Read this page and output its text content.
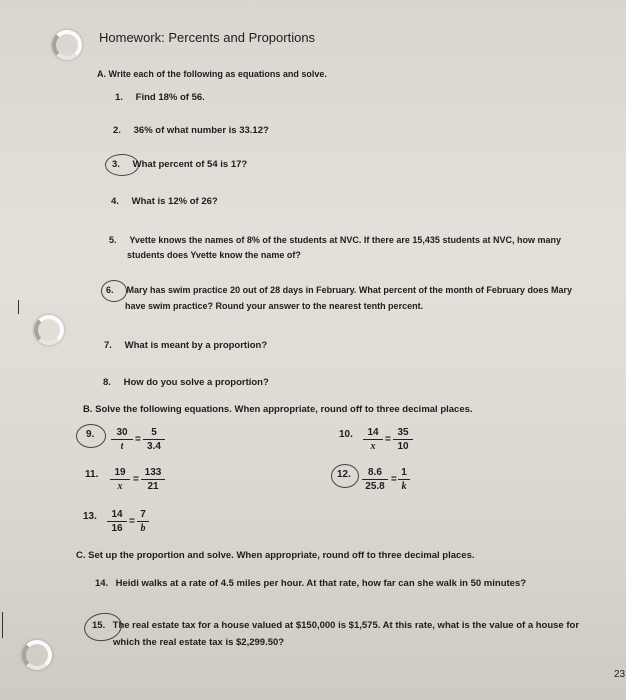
Homework: Percents and Proportions
A. Write each of the following as equations and solve.
1. Find 18% of 56.
2. 36% of what number is 33.12?
3. What percent of 54 is 17?
4. What is 12% of 26?
5. Yvette knows the names of 8% of the students at NVC. If there are 15,435 students at NVC, how many
students does Yvette know the name of?
6. Mary has swim practice 20 out of 28 days in February. What percent of the month of February does Mary
have swim practice? Round your answer to the nearest tenth percent.
7. What is meant by a proportion?
8. How do you solve a proportion?
B. Solve the following equations. When appropriate, round off to three decimal places.
9.	30
t
=
5
3.4
10.	14
x
=
35
10
11.	19
x
=
133
21
12.	8.6
25.8
=
1
k
13.	14
16
=
7
b
C. Set up the proportion and solve. When appropriate, round off to three decimal places.
14. Heidi walks at a rate of 4.5 miles per hour. At that rate, how far can she walk in 50 minutes?
15. The real estate tax for a house valued at $150,000 is $1,575. At this rate, what is the value of a house for
which the real estate tax is $2,299.50?
23
